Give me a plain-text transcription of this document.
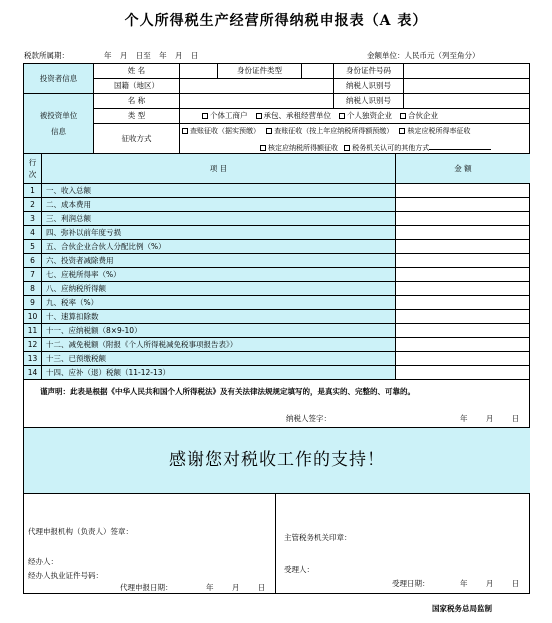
个人所得税生产经营所得纳税申报表（A 表）
税款所属期：	年 月 日至 年 月 日	金额单位：人民币元（列至角分）
投资者信息
姓 名	身份证件类型	身份证件号码
国籍（地区）	纳税人识别号
被投资单位
信息
名 称	纳税人识别号
类 型	个体工商户	承包、承租经营单位	个人独资企业	合伙企业
征收方式
查账征收（据实预缴） 查账征收（按上年应纳税所得额预缴） 核定应税所得率征收
核定应纳税所得额征收 税务机关认可的其他方式
行
次
项 目	金 额
1	一、收入总额
2	二、成本费用
3	三、利润总额
4	四、弥补以前年度亏损
5	五、合伙企业合伙人分配比例（%）
6	六、投资者减除费用
7	七、应税所得率（%）
8	八、应纳税所得额
9	九、税率（%）
10	十、速算扣除数
11	十一、应纳税额（8×9-10）
12	十二、减免税额（附报《个人所得税减免税事项报告表》）
13	十三、已预缴税额
14	十四、应补（退）税额（11-12-13）
谨声明：此表是根据《中华人民共和国个人所得税法》及有关法律法规规定填写的，是真实的、完整的、可靠的。
纳税人签字：	年 月 日
感谢您对税收工作的支持！
代理申报机构（负责人）签章：
经办人：
经办人执业证件号码：
代理申报日期：	年 月 日
主管税务机关印章：
受理人：
受理日期：	年 月 日
国家税务总局监制
